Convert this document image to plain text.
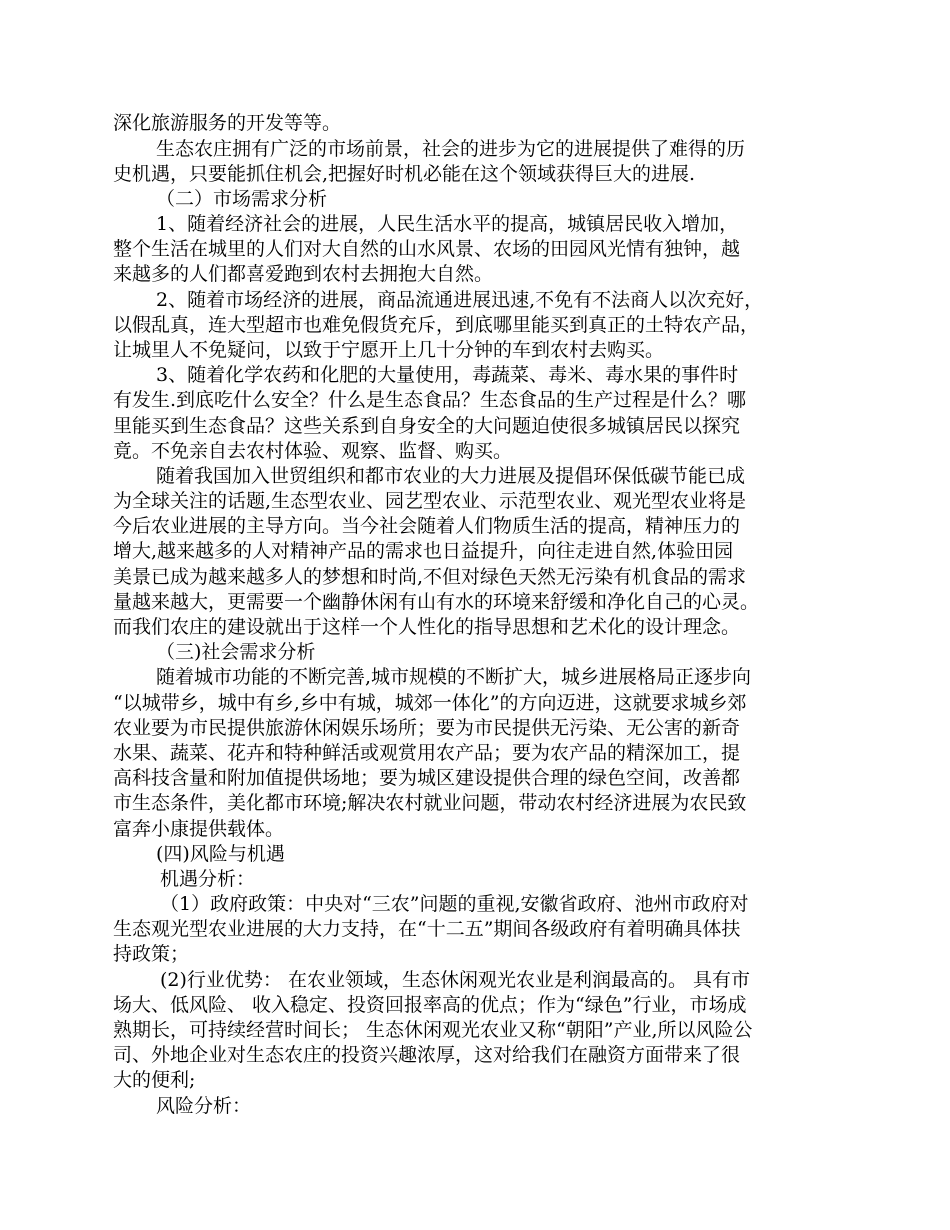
深化旅游服务的开发等等。
生态农庄拥有广泛的市场前景，社会的进步为它的进展提供了难得的历
史机遇，只要能抓住机会,把握好时机必能在这个领域获得巨大的进展.
（二）市场需求分析
1、随着经济社会的进展，人民生活水平的提高，城镇居民收入增加，
整个生活在城里的人们对大自然的山水风景、农场的田园风光情有独钟，越
来越多的人们都喜爱跑到农村去拥抱大自然。
2、随着市场经济的进展，商品流通进展迅速,不免有不法商人以次充好，
以假乱真，连大型超市也难免假货充斥，到底哪里能买到真正的土特农产品，
让城里人不免疑问，以致于宁愿开上几十分钟的车到农村去购买。
3、随着化学农药和化肥的大量使用，毒蔬菜、毒米、毒水果的事件时
有发生.到底吃什么安全？什么是生态食品？生态食品的生产过程是什么？哪
里能买到生态食品？这些关系到自身安全的大问题迫使很多城镇居民以探究
竟。不免亲自去农村体验、观察、监督、购买。
随着我国加入世贸组织和都市农业的大力进展及提倡环保低碳节能已成
为全球关注的话题,生态型农业、园艺型农业、示范型农业、观光型农业将是
今后农业进展的主导方向。当今社会随着人们物质生活的提高，精神压力的
增大,越来越多的人对精神产品的需求也日益提升，向往走进自然,体验田园
美景已成为越来越多人的梦想和时尚,不但对绿色天然无污染有机食品的需求
量越来越大，更需要一个幽静休闲有山有水的环境来舒缓和净化自己的心灵。
而我们农庄的建设就出于这样一个人性化的指导思想和艺术化的设计理念。
（三)社会需求分析
随着城市功能的不断完善,城市规模的不断扩大，城乡进展格局正逐步向
“以城带乡，城中有乡,乡中有城，城郊一体化”的方向迈进，这就要求城乡郊
农业要为市民提供旅游休闲娱乐场所；要为市民提供无污染、无公害的新奇
水果、蔬菜、花卉和特种鲜活或观赏用农产品；要为农产品的精深加工，提
高科技含量和附加值提供场地；要为城区建设提供合理的绿色空间，改善都
市生态条件，美化都市环境;解决农村就业问题，带动农村经济进展为农民致
富奔小康提供载体。
(四)风险与机遇
机遇分析：
（1）政府政策：中央对“三农”问题的重视,安徽省政府、池州市政府对
生态观光型农业进展的大力支持，在“十二五”期间各级政府有着明确具体扶
持政策；
(2)行业优势： 在农业领域，生态休闲观光农业是利润最高的。 具有市
场大、低风险、 收入稳定、投资回报率高的优点；作为“绿色”行业，市场成
熟期长，可持续经营时间长； 生态休闲观光农业又称“朝阳”产业,所以风险公
司、外地企业对生态农庄的投资兴趣浓厚，这对给我们在融资方面带来了很
大的便利;
风险分析：
